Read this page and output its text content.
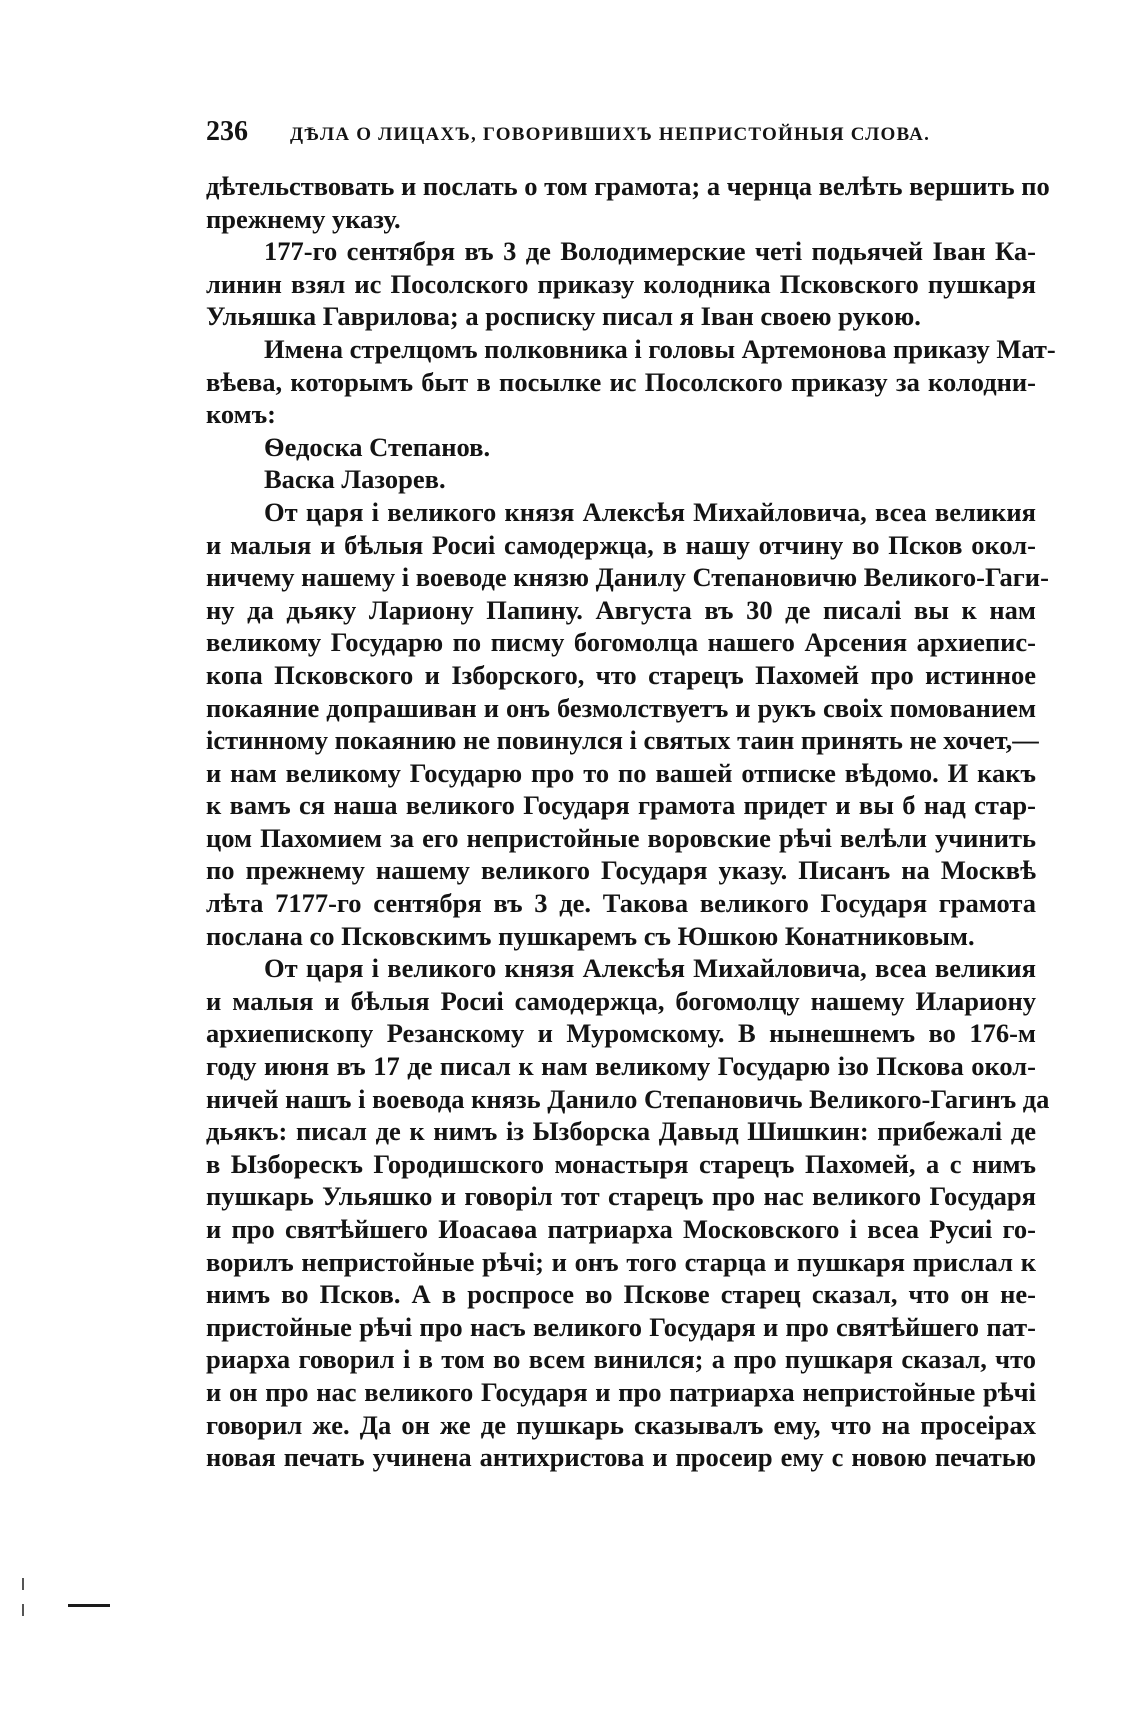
236 ДѢЛА О ЛИЦАХЪ, ГОВОРИВШИХЪ НЕПРИСТОЙНЫЯ СЛОВА.
дѣтельствовать и послать о том грамота; а чернца велѣть вершить по
прежнему указу.
177-го сентября въ 3 де Володимерские четі подьячей Іван Ка-
линин взял ис Посолского приказу колодника Псковского пушкаря
Ульяшка Гаврилова; а росписку писал я Іван своею рукою.
Имена стрелцомъ полковника і головы Артемонова приказу Мат-
вѣева, которымъ быт в посылке ис Посолского приказу за колодни-
комъ:
Ѳедоска Степанов.
Васка Лазорев.
От царя і великого князя Алексѣя Михайловича, всеа великия
и малыя и бѣлыя Росиі самодержца, в нашу отчину во Псков окол-
ничему нашему і воеводе князю Данилу Степановичю Великого-Гаги-
ну да дьяку Лариону Папину. Августа въ 30 де писалі вы к нам
великому Государю по писму богомолца нашего Арсения архиепис-
копа Псковского и Ізборского, что старецъ Пахомей про истинное
покаяние допрашиван и онъ безмолствуетъ и рукъ своіх помованием
істинному покаянию не повинулся і святых таин принять не хочет,—
и нам великому Государю про то по вашей отписке вѣдомо. И какъ
к вамъ ся наша великого Государя грамота придет и вы б над стар-
цом Пахомием за его непристойные воровские рѣчі велѣли учинить
по прежнему нашему великого Государя указу. Писанъ на Москвѣ
лѣта 7177-го сентября въ 3 де. Такова великого Государя грамота
послана со Псковскимъ пушкаремъ съ Юшкою Конатниковым.
От царя і великого князя Алексѣя Михайловича, всеа великия
и малыя и бѣлыя Росиі самодержца, богомолцу нашему Илариону
архиепископу Резанскому и Муромскому. В нынешнемъ во 176-м
году июня въ 17 де писал к нам великому Государю ізо Пскова окол-
ничей нашъ і воевода князь Данило Степановичь Великого-Гагинъ да
дьякъ: писал де к нимъ із Ызборска Давыд Шишкин: прибежалі де
в Ызборескъ Городишского монастыря старецъ Пахомей, а с нимъ
пушкарь Ульяшко и говоріл тот старецъ про нас великого Государя
и про святѣйшего Иоасаѳа патриарха Московского і всеа Русиі го-
ворилъ непристойные рѣчі; и онъ того старца и пушкаря прислал к
нимъ во Псков. А в роспросе во Пскове старец сказал, что он не-
пристойные рѣчі про насъ великого Государя и про святѣйшего пат-
риарха говорил і в том во всем винился; а про пушкаря сказал, что
и он про нас великого Государя и про патриарха непристойные рѣчі
говорил же. Да он же де пушкарь сказывалъ ему, что на просеірах
новая печать учинена антихристова и просеир ему с новою печатью
